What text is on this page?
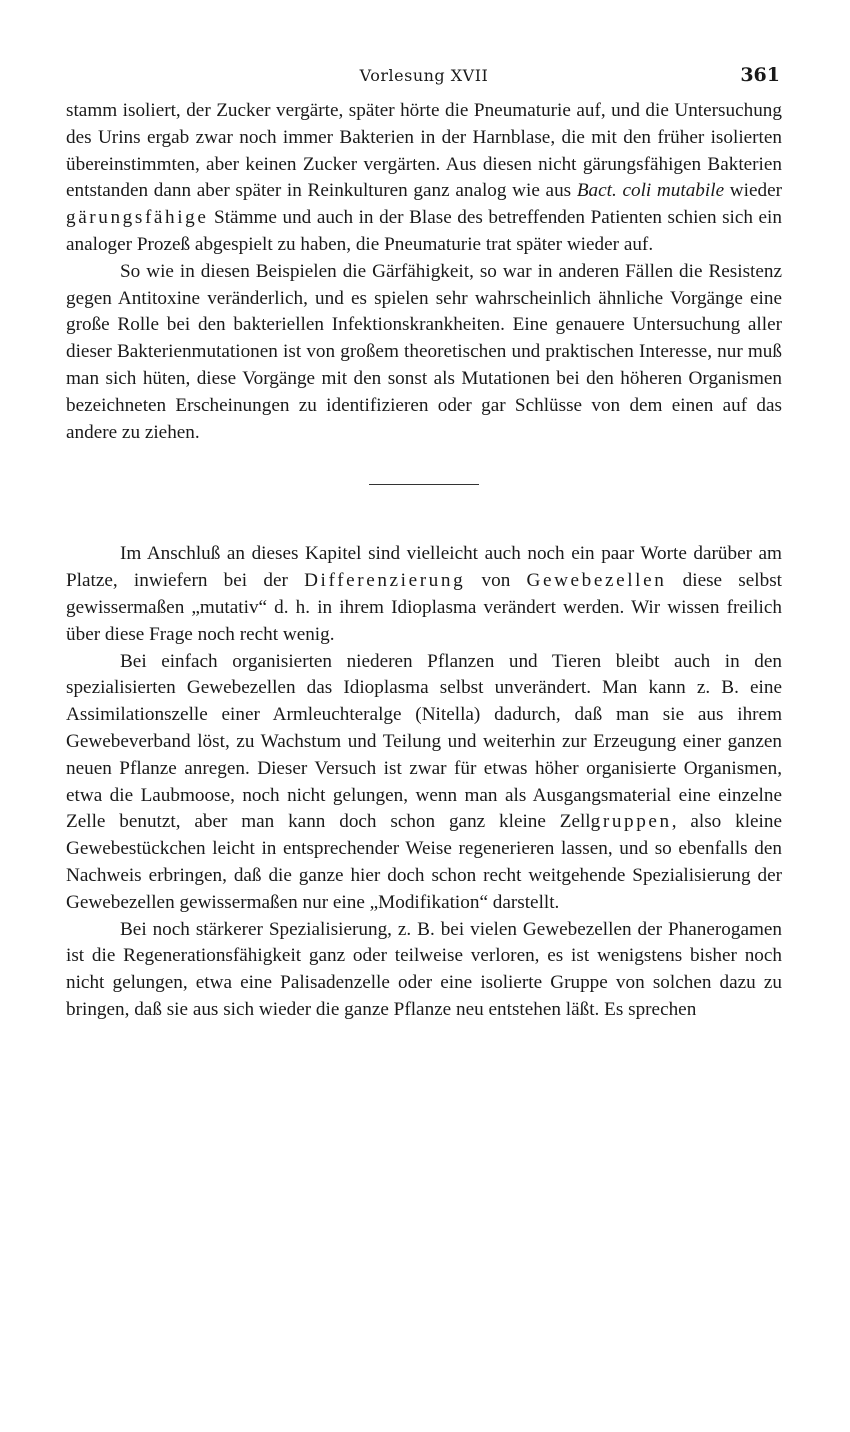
Vorlesung XVII	361

stamm isoliert, der Zucker vergärte, später hörte die Pneumaturie auf, und die Untersuchung des Urins ergab zwar noch immer Bakterien in der Harnblase, die mit den früher isolierten übereinstimmten, aber keinen Zucker vergärten. Aus diesen nicht gärungsfähigen Bakterien entstanden dann aber später in Reinkulturen ganz analog wie aus Bact. coli mutabile wieder gärungsfähige Stämme und auch in der Blase des betreffenden Patienten schien sich ein analoger Prozeß abgespielt zu haben, die Pneumaturie trat später wieder auf.

So wie in diesen Beispielen die Gärfähigkeit, so war in anderen Fällen die Resistenz gegen Antitoxine veränderlich, und es spielen sehr wahrscheinlich ähnliche Vorgänge eine große Rolle bei den bakteriellen Infektionskrankheiten. Eine genauere Untersuchung aller dieser Bakterienmutationen ist von großem theoretischen und praktischen Interesse, nur muß man sich hüten, diese Vorgänge mit den sonst als Mutationen bei den höheren Organismen bezeichneten Erscheinungen zu identifizieren oder gar Schlüsse von dem einen auf das andere zu ziehen.

Im Anschluß an dieses Kapitel sind vielleicht auch noch ein paar Worte darüber am Platze, inwiefern bei der Differenzierung von Gewebezellen diese selbst gewissermaßen „mutativ“ d. h. in ihrem Idioplasma verändert werden. Wir wissen freilich über diese Frage noch recht wenig.

Bei einfach organisierten niederen Pflanzen und Tieren bleibt auch in den spezialisierten Gewebezellen das Idioplasma selbst unverändert. Man kann z. B. eine Assimilationszelle einer Armleuchteralge (Nitella) dadurch, daß man sie aus ihrem Gewebeverband löst, zu Wachstum und Teilung und weiterhin zur Erzeugung einer ganzen neuen Pflanze anregen. Dieser Versuch ist zwar für etwas höher organisierte Organismen, etwa die Laubmoose, noch nicht gelungen, wenn man als Ausgangsmaterial eine einzelne Zelle benutzt, aber man kann doch schon ganz kleine Zellgruppen, also kleine Gewebestückchen leicht in entsprechender Weise regenerieren lassen, und so ebenfalls den Nachweis erbringen, daß die ganze hier doch schon recht weitgehende Spezialisierung der Gewebezellen gewissermaßen nur eine „Modifikation“ darstellt.

Bei noch stärkerer Spezialisierung, z. B. bei vielen Gewebezellen der Phanerogamen ist die Regenerationsfähigkeit ganz oder teilweise verloren, es ist wenigstens bisher noch nicht gelungen, etwa eine Palisadenzelle oder eine isolierte Gruppe von solchen dazu zu bringen, daß sie aus sich wieder die ganze Pflanze neu entstehen läßt. Es sprechen
